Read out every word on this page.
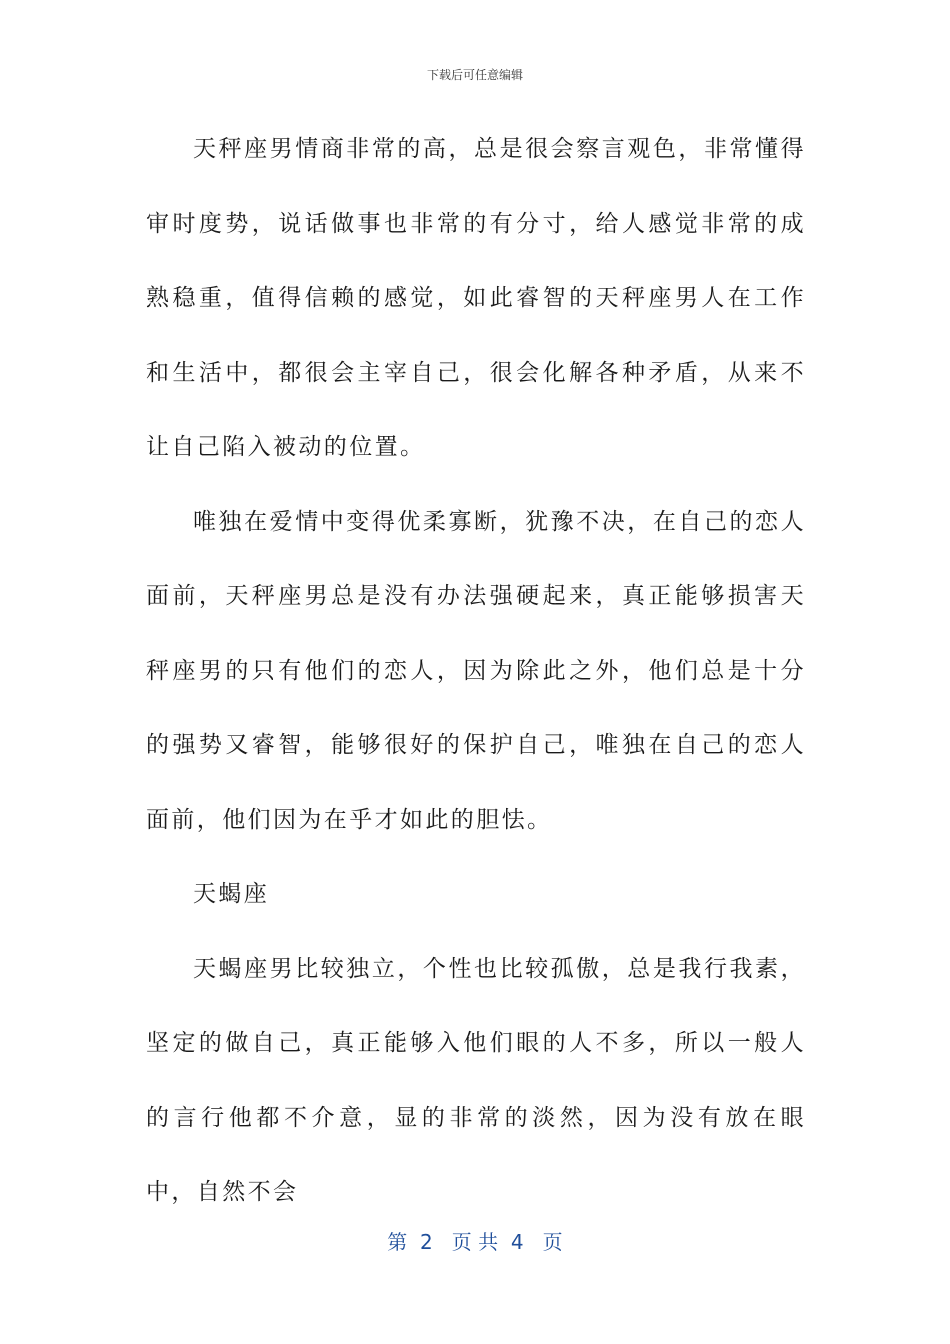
下载后可任意编辑

天秤座男情商非常的高，总是很会察言观色，非常懂得审时度势，说话做事也非常的有分寸，给人感觉非常的成熟稳重，值得信赖的感觉，如此睿智的天秤座男人在工作和生活中，都很会主宰自己，很会化解各种矛盾，从来不让自己陷入被动的位置。

唯独在爱情中变得优柔寡断，犹豫不决，在自己的恋人面前，天秤座男总是没有办法强硬起来，真正能够损害天秤座男的只有他们的恋人，因为除此之外，他们总是十分的强势又睿智，能够很好的保护自己，唯独在自己的恋人面前，他们因为在乎才如此的胆怯。

天蝎座

天蝎座男比较独立，个性也比较孤傲，总是我行我素，坚定的做自己，真正能够入他们眼的人不多，所以一般人的言行他都不介意，显的非常的淡然，因为没有放在眼中，自然不会

第  2   页 共  4   页
